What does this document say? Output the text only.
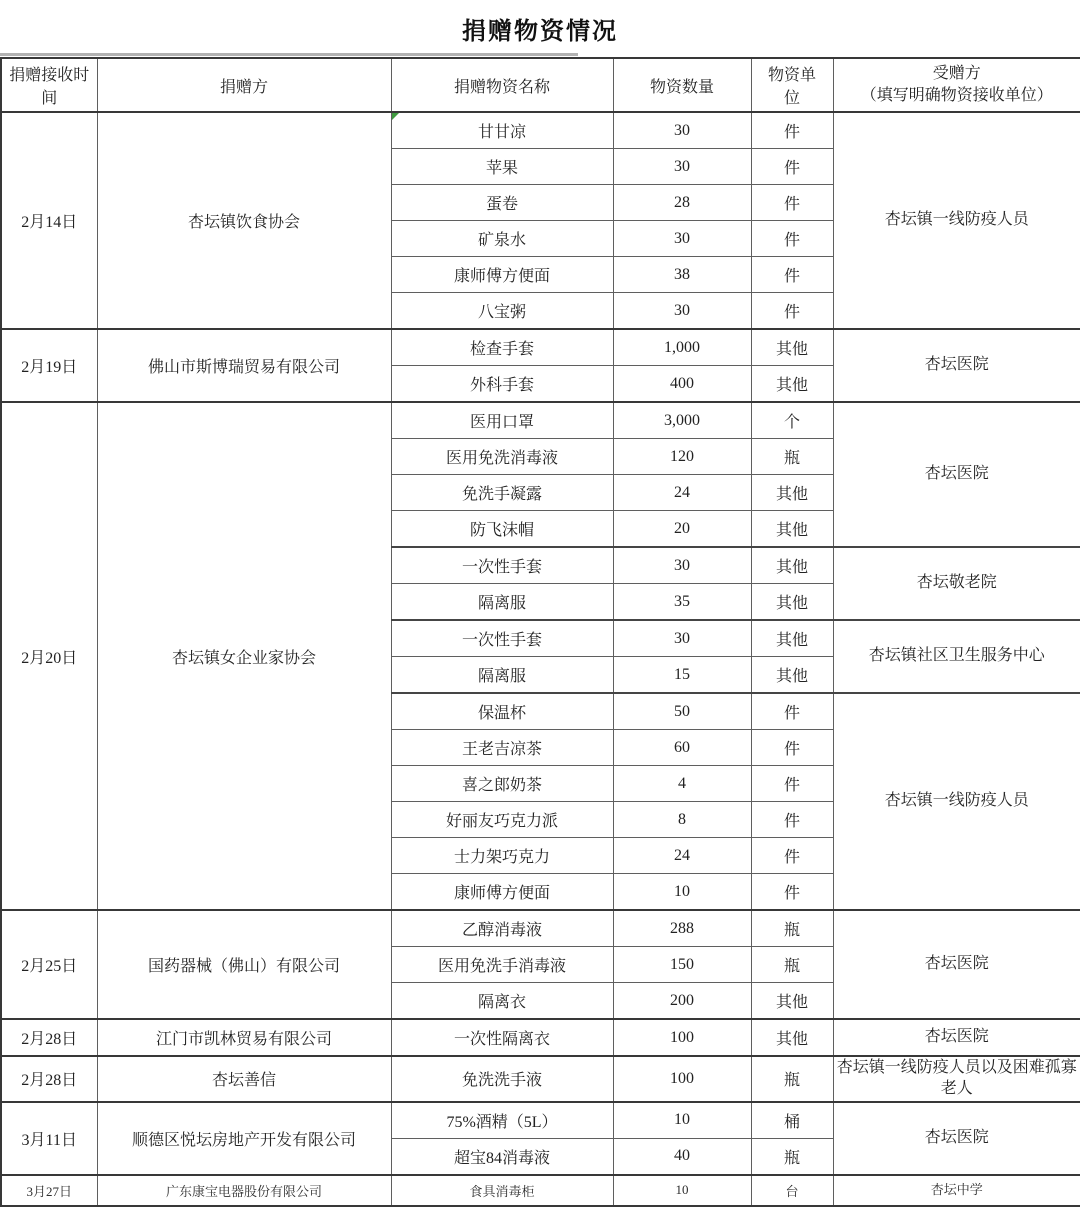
捐赠物资情况
捐赠接收时间	捐赠方	捐赠物资名称	物资数量	物资单位	受赠方
（填写明确物资接收单位）

2月14日	杏坛镇饮食协会	甘甘凉	30	件	杏坛镇一线防疫人员
		苹果	30	件	
		蛋卷	28	件	
		矿泉水	30	件	
		康师傅方便面	38	件	
		八宝粥	30	件	
2月19日	佛山市斯博瑞贸易有限公司	检查手套	1,000	其他	杏坛医院
		外科手套	400	其他	
2月20日	杏坛镇女企业家协会	医用口罩	3,000	个	杏坛医院
		医用免洗消毒液	120	瓶	
		免洗手凝露	24	其他	
		防飞沫帽	20	其他	
		一次性手套	30	其他	杏坛敬老院
		隔离服	35	其他	
		一次性手套	30	其他	杏坛镇社区卫生服务中心
		隔离服	15	其他	
		保温杯	50	件	杏坛镇一线防疫人员
		王老吉凉茶	60	件	
		喜之郎奶茶	4	件	
		好丽友巧克力派	8	件	
		士力架巧克力	24	件	
		康师傅方便面	10	件	
2月25日	国药器械（佛山）有限公司	乙醇消毒液	288	瓶	杏坛医院
		医用免洗手消毒液	150	瓶	
		隔离衣	200	其他	
2月28日	江门市凯林贸易有限公司	一次性隔离衣	100	其他	杏坛医院
2月28日	杏坛善信	免洗洗手液	100	瓶	杏坛镇一线防疫人员以及困难孤寡老人
3月11日	顺德区悦坛房地产开发有限公司	75%酒精（5L）	10	桶	杏坛医院
		超宝84消毒液	40	瓶	
3月27日	广东康宝电器股份有限公司	食具消毒柜	10	台	杏坛中学
